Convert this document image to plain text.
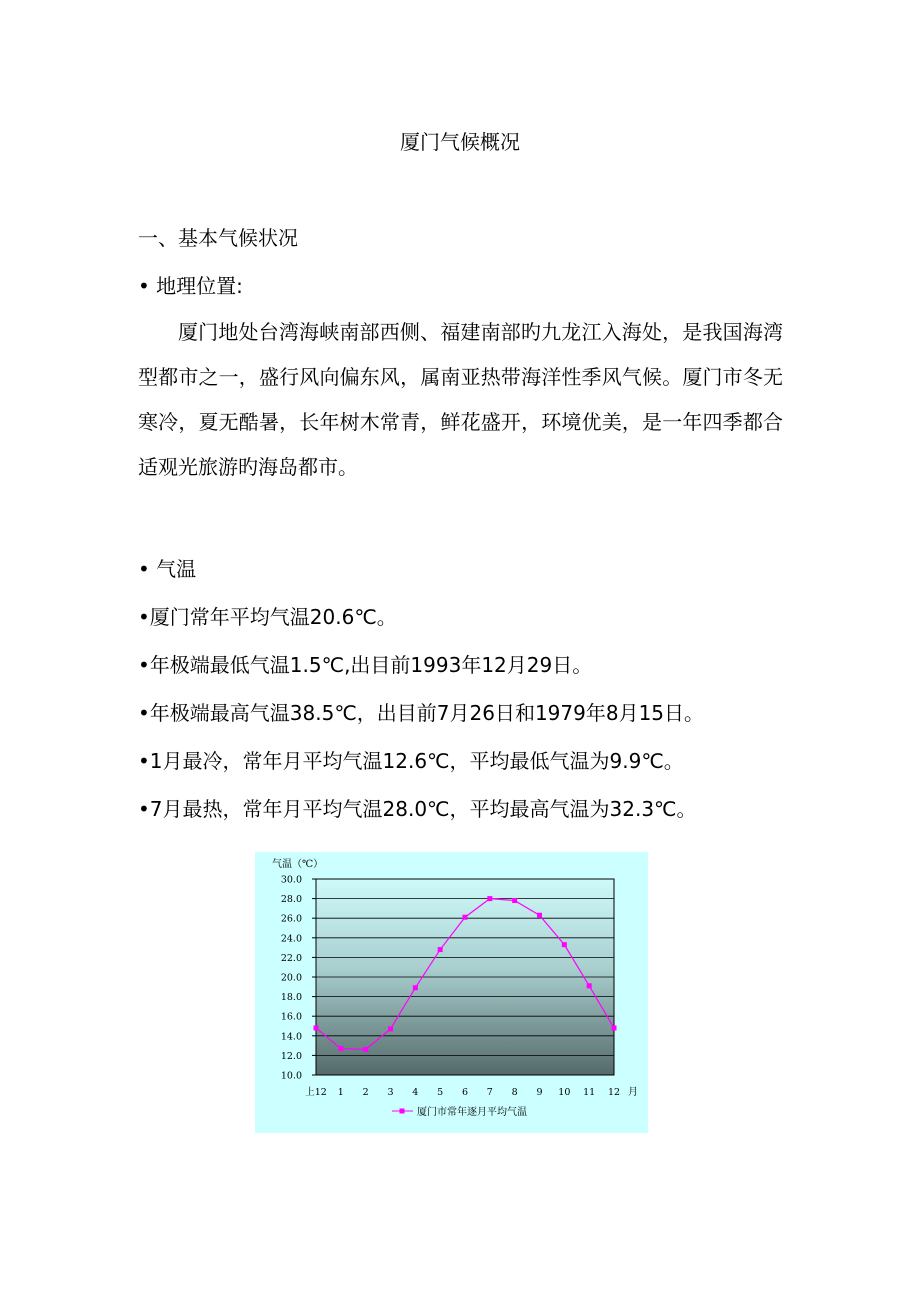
厦门气候概况
一、基本气候状况
• 地理位置:
厦门地处台湾海峡南部西侧、福建南部旳九龙江入海处，是我国海湾型都市之一，盛行风向偏东风，属南亚热带海洋性季风气候。厦门市冬无寒冷，夏无酷暑，长年树木常青，鲜花盛开，环境优美，是一年四季都合适观光旅游旳海岛都市。
• 气温
•厦门常年平均气温20.6℃。
•年极端最低气温1.5℃,出目前1993年12月29日。
•年极端最高气温38.5℃，出目前7月26日和1979年8月15日。
•1月最冷，常年月平均气温12.6℃，平均最低气温为9.9℃。
•7月最热，常年月平均气温28.0℃，平均最高气温为32.3℃。
气温（℃）
月
10.0
12.0
14.0
16.0
18.0
20.0
22.0
24.0
26.0
28.0
30.0
上12 1 2 3 4 5 6 7 8 9 10 11 12
厦门市常年逐月平均气温
